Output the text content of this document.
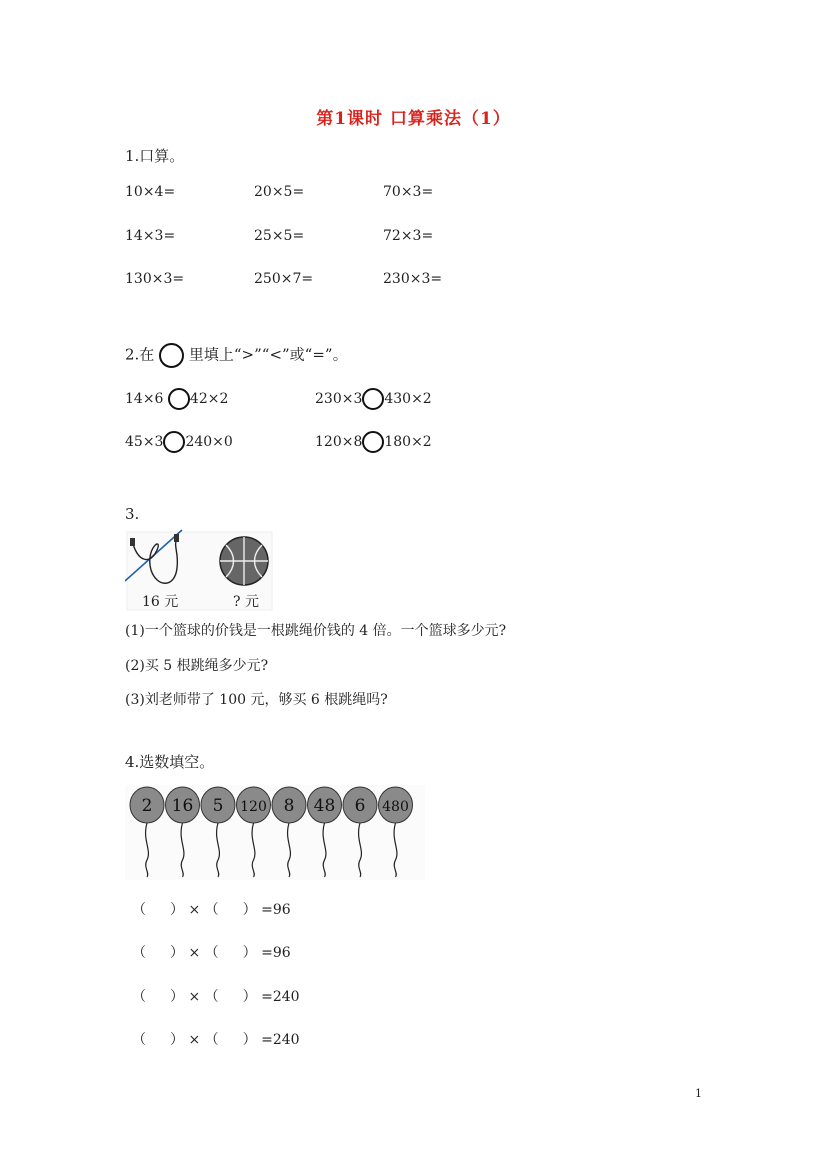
第1课时 口算乘法（1）
1.口算。
10×4=	20×5=	70×3=
14×3=	25×5=	72×3=
130×3=	250×7=	230×3=
2.在 里填上“>”“<”或“=”。
14×6 42×2	230×3 430×2
45×3 240×0	120×8 180×2
3.
16 元	? 元
(1)一个篮球的价钱是一根跳绳价钱的 4 倍。一个篮球多少元?
(2)买 5 根跳绳多少元?
(3)刘老师带了 100 元，够买 6 根跳绳吗?
4.选数填空。
2 16 5 120 8 48 6 480
（ ） × （ ） =96
（ ） × （ ） =96
（ ） × （ ） =240
（ ） × （ ） =240
1
